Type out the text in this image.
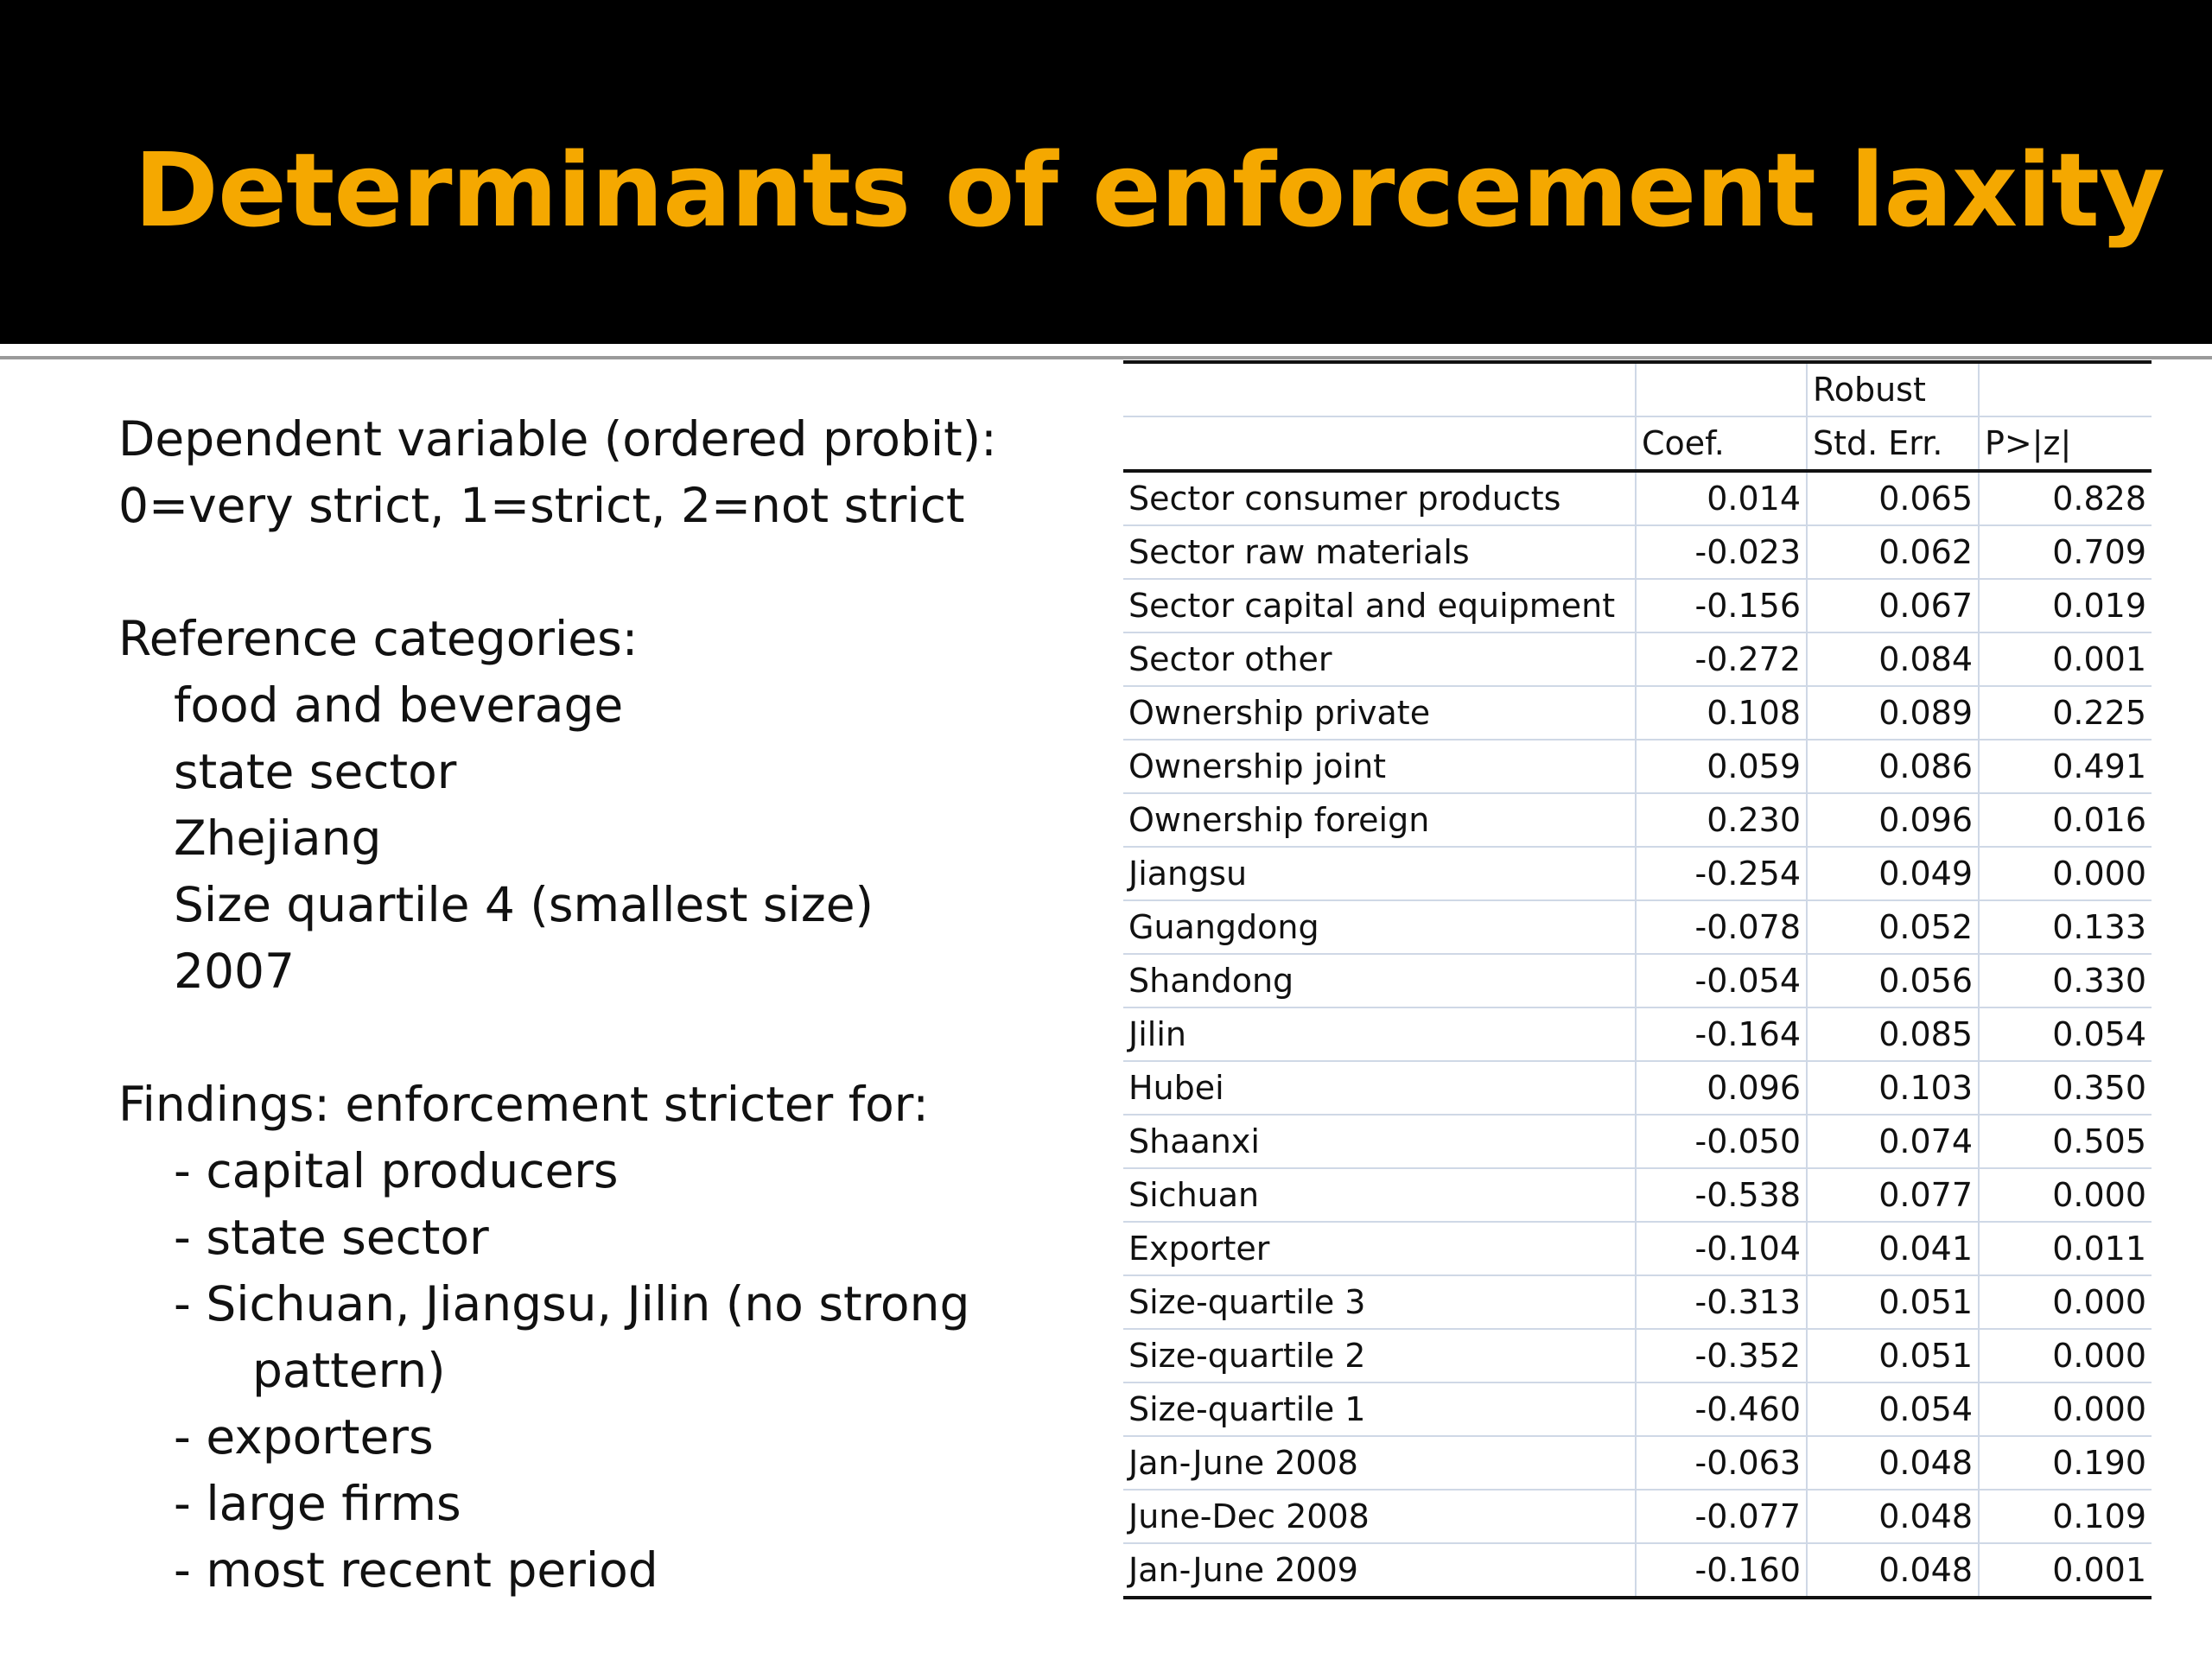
Determinants of enforcement laxity
Dependent variable (ordered probit):
0=very strict, 1=strict, 2=not strict
Reference categories:
food and beverage
state sector
Zhejiang
Size quartile 4 (smallest size)
2007
Findings: enforcement stricter for:
- capital producers
- state sector
- Sichuan, Jiangsu, Jilin (no strong
pattern)
- exporters
- large firms
- most recent period
		Robust	
	Coef.	Std. Err.	P>|z|
Sector consumer products	0.014	0.065	0.828
Sector raw materials	-0.023	0.062	0.709
Sector capital and equipment	-0.156	0.067	0.019
Sector other	-0.272	0.084	0.001
Ownership private	0.108	0.089	0.225
Ownership joint	0.059	0.086	0.491
Ownership foreign	0.230	0.096	0.016
Jiangsu	-0.254	0.049	0.000
Guangdong	-0.078	0.052	0.133
Shandong	-0.054	0.056	0.330
Jilin	-0.164	0.085	0.054
Hubei	0.096	0.103	0.350
Shaanxi	-0.050	0.074	0.505
Sichuan	-0.538	0.077	0.000
Exporter	-0.104	0.041	0.011
Size-quartile 3	-0.313	0.051	0.000
Size-quartile 2	-0.352	0.051	0.000
Size-quartile 1	-0.460	0.054	0.000
Jan-June 2008	-0.063	0.048	0.190
June-Dec 2008	-0.077	0.048	0.109
Jan-June 2009	-0.160	0.048	0.001
